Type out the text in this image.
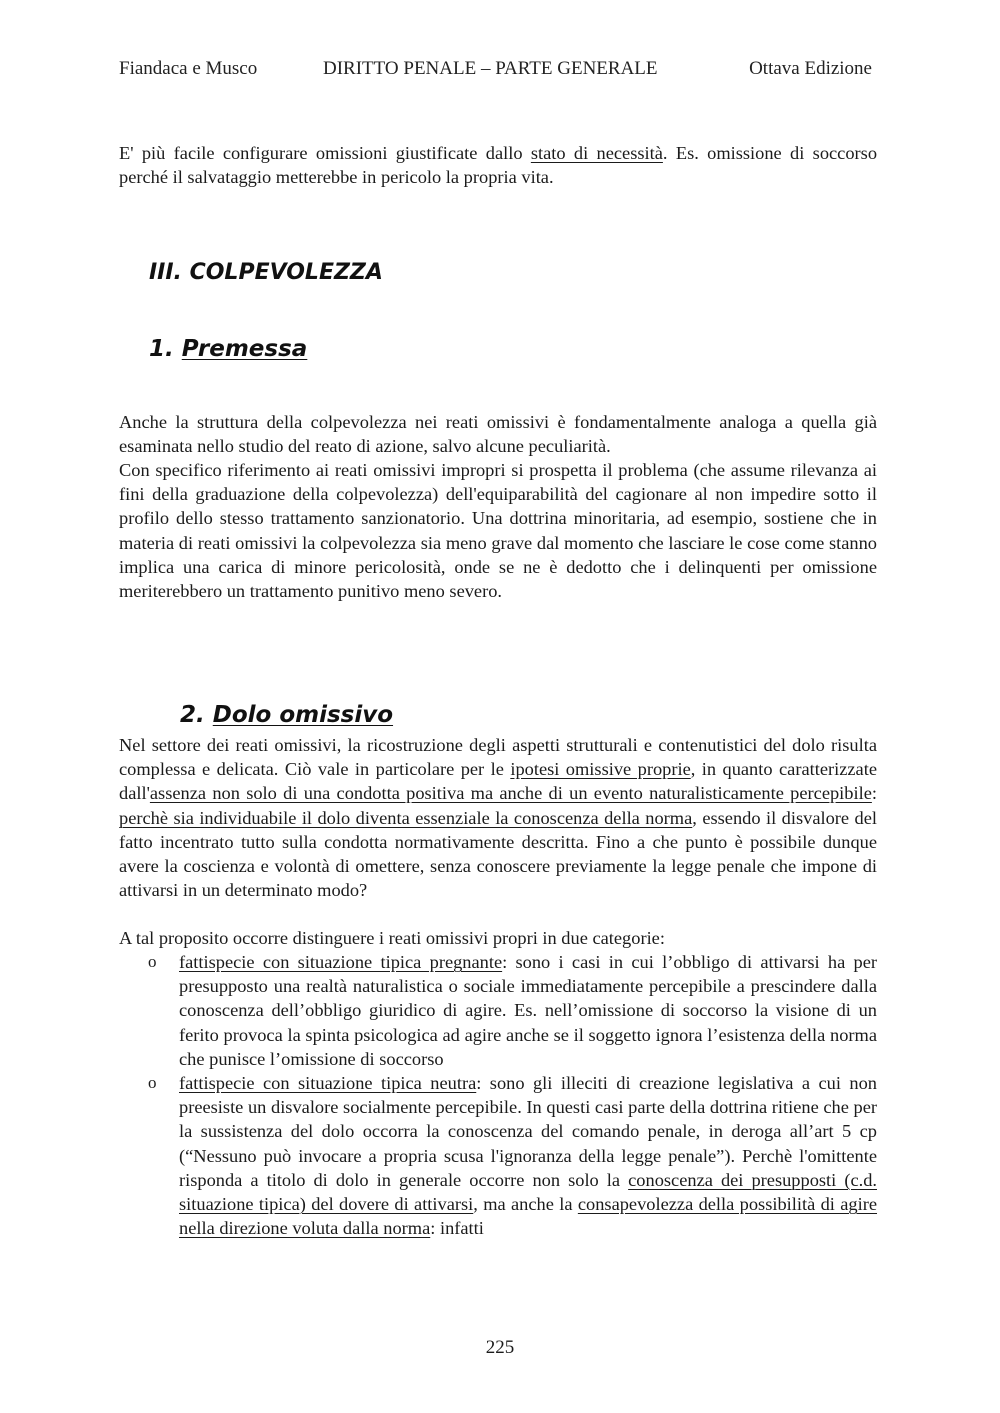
Fiandaca e Musco	DIRITTO PENALE – PARTE GENERALE	Ottava Edizione
E' più facile configurare omissioni giustificate dallo stato di necessità. Es. omissione di soccorso perché il salvataggio metterebbe in pericolo la propria vita.
III. COLPEVOLEZZA
1. Premessa
Anche la struttura della colpevolezza nei reati omissivi è fondamentalmente analoga a quella già esaminata nello studio del reato di azione, salvo alcune peculiarità.
Con specifico riferimento ai reati omissivi impropri si prospetta il problema (che assume rilevanza ai fini della graduazione della colpevolezza) dell'equiparabilità del cagionare al non impedire sotto il profilo dello stesso trattamento sanzionatorio. Una dottrina minoritaria, ad esempio, sostiene che in materia di reati omissivi la colpevolezza sia meno grave dal momento che lasciare le cose come stanno implica una carica di minore pericolosità, onde se ne è dedotto che i delinquenti per omissione meriterebbero un trattamento punitivo meno severo.
2. Dolo omissivo
Nel settore dei reati omissivi, la ricostruzione degli aspetti strutturali e contenutistici del dolo risulta complessa e delicata. Ciò vale in particolare per le ipotesi omissive proprie, in quanto caratterizzate dall'assenza non solo di una condotta positiva ma anche di un evento naturalisticamente percepibile: perchè sia individuabile il dolo diventa essenziale la conoscenza della norma, essendo il disvalore del fatto incentrato tutto sulla condotta normativamente descritta. Fino a che punto è possibile dunque avere la coscienza e volontà di omettere, senza conoscere previamente la legge penale che impone di attivarsi in un determinato modo?
A tal proposito occorre distinguere i reati omissivi propri in due categorie:
o fattispecie con situazione tipica pregnante: sono i casi in cui l’obbligo di attivarsi ha per presupposto una realtà naturalistica o sociale immediatamente percepibile a prescindere dalla conoscenza dell’obbligo giuridico di agire. Es. nell’omissione di soccorso la visione di un ferito provoca la spinta psicologica ad agire anche se il soggetto ignora l’esistenza della norma che punisce l’omissione di soccorso
o fattispecie con situazione tipica neutra: sono gli illeciti di creazione legislativa a cui non preesiste un disvalore socialmente percepibile. In questi casi parte della dottrina ritiene che per la sussistenza del dolo occorra la conoscenza del comando penale, in deroga all’art 5 cp (“Nessuno può invocare a propria scusa l'ignoranza della legge penale”). Perchè l'omittente risponda a titolo di dolo in generale occorre non solo la conoscenza dei presupposti (c.d. situazione tipica) del dovere di attivarsi, ma anche la consapevolezza della possibilità di agire nella direzione voluta dalla norma: infatti
225
